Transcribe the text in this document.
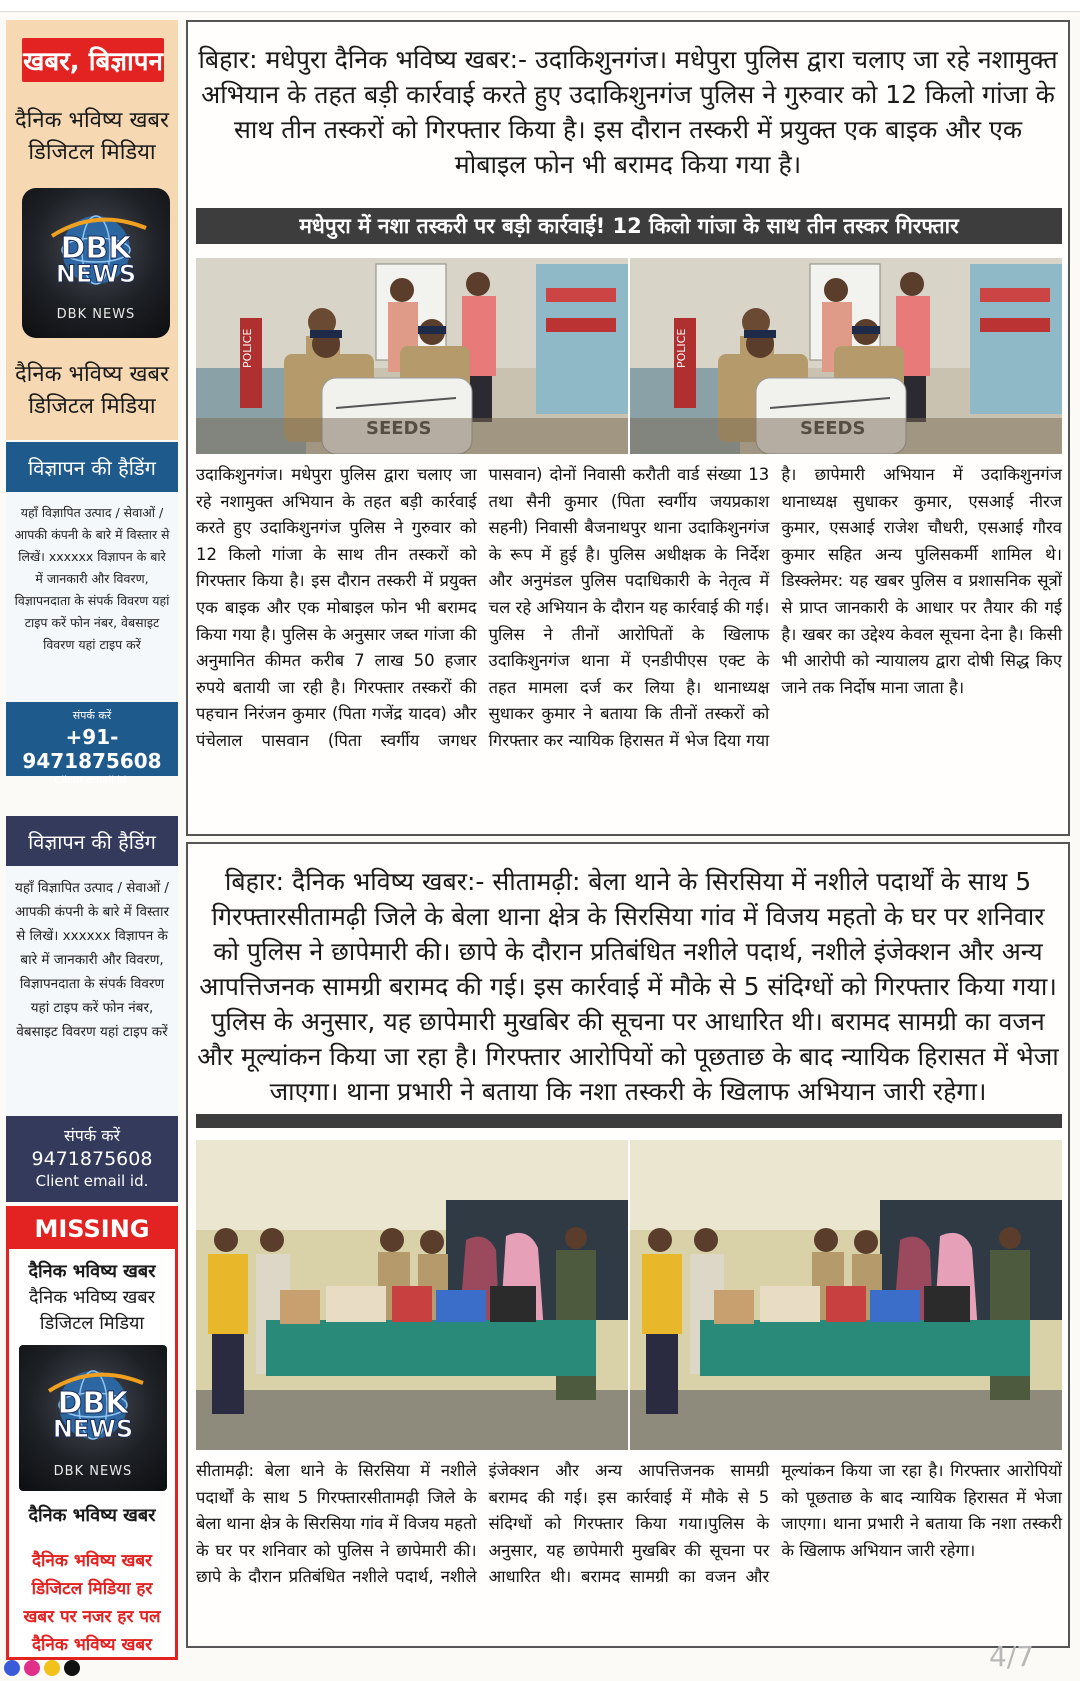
खबर, बिज्ञापन
दैनिक भविष्य खबर
डिजिटल मिडिया
DBK
NEWS
DBK NEWS
दैनिक भविष्य खबर
डिजिटल मिडिया
विज्ञापन की हैडिंग
यहाँ विज्ञापित उत्पाद / सेवाओं / आपकी कंपनी के बारे में विस्तार से लिखें। xxxxxx विज्ञापन के बारे में जानकारी और विवरण, विज्ञापनदाता के संपर्क विवरण यहां टाइप करें फोन नंबर, वेबसाइट विवरण यहां टाइप करें
संपर्क करें
+91-9471875608
Client email id.
विज्ञापन की हैडिंग
यहाँ विज्ञापित उत्पाद / सेवाओं / आपकी कंपनी के बारे में विस्तार से लिखें। xxxxxx विज्ञापन के बारे में जानकारी और विवरण, विज्ञापनदाता के संपर्क विवरण यहां टाइप करें फोन नंबर, वेबसाइट विवरण यहां टाइप करें
संपर्क करें
9471875608
Client email id.
MISSING
दैनिक भविष्य खबर
दैनिक भविष्य खबर
डिजिटल मिडिया
DBK
NEWS
DBK NEWS
दैनिक भविष्य खबर
दैनिक भविष्य खबर
डिजिटल मिडिया हर
खबर पर नजर हर पल
दैनिक भविष्य खबर
बिहार: मधेपुरा दैनिक भविष्य खबर:- उदाकिशुनगंज। मधेपुरा पुलिस द्वारा चलाए जा रहे नशामुक्त अभियान के तहत बड़ी कार्रवाई करते हुए उदाकिशुनगंज पुलिस ने गुरुवार को 12 किलो गांजा के साथ तीन तस्करों को गिरफ्तार किया है। इस दौरान तस्करी में प्रयुक्त एक बाइक और एक मोबाइल फोन भी बरामद किया गया है।
मधेपुरा में नशा तस्करी पर बड़ी कार्रवाई! 12 किलो गांजा के साथ तीन तस्कर गिरफ्तार
POLICE	POLICE
उदाकिशुनगंज। मधेपुरा पुलिस द्वारा चलाए जा रहे नशामुक्त अभियान के तहत बड़ी कार्रवाई करते हुए उदाकिशुनगंज पुलिस ने गुरुवार को 12 किलो गांजा के साथ तीन तस्करों को गिरफ्तार किया है। इस दौरान तस्करी में प्रयुक्त एक बाइक और एक मोबाइल फोन भी बरामद किया गया है। पुलिस के अनुसार जब्त गांजा की अनुमानित कीमत करीब 7 लाख 50 हजार रुपये बतायी जा रही है। गिरफ्तार तस्करों की पहचान निरंजन कुमार (पिता गजेंद्र यादव) और पंचेलाल पासवान (पिता स्वर्गीय जगधर पासवान) दोनों निवासी करौती वार्ड संख्या 13 तथा सैनी कुमार (पिता स्वर्गीय जयप्रकाश सहनी) निवासी बैजनाथपुर थाना उदाकिशुनगंज के रूप में हुई है। पुलिस अधीक्षक के निर्देश और अनुमंडल पुलिस पदाधिकारी के नेतृत्व में चल रहे अभियान के दौरान यह कार्रवाई की गई। पुलिस ने तीनों आरोपितों के खिलाफ उदाकिशुनगंज थाना में एनडीपीएस एक्ट के तहत मामला दर्ज कर लिया है। थानाध्यक्ष सुधाकर कुमार ने बताया कि तीनों तस्करों को गिरफ्तार कर न्यायिक हिरासत में भेज दिया गया है। छापेमारी अभियान में उदाकिशुनगंज थानाध्यक्ष सुधाकर कुमार, एसआई नीरज कुमार, एसआई राजेश चौधरी, एसआई गौरव कुमार सहित अन्य पुलिसकर्मी शामिल थे। डिस्क्लेमर: यह खबर पुलिस व प्रशासनिक सूत्रों से प्राप्त जानकारी के आधार पर तैयार की गई है। खबर का उद्देश्य केवल सूचना देना है। किसी भी आरोपी को न्यायालय द्वारा दोषी सिद्ध किए जाने तक निर्दोष माना जाता है।
बिहार: दैनिक भविष्य खबर:- सीतामढ़ी: बेला थाने के सिरसिया में नशीले पदार्थों के साथ 5 गिरफ्तारसीतामढ़ी जिले के बेला थाना क्षेत्र के सिरसिया गांव में विजय महतो के घर पर शनिवार को पुलिस ने छापेमारी की। छापे के दौरान प्रतिबंधित नशीले पदार्थ, नशीले इंजेक्शन और अन्य आपत्तिजनक सामग्री बरामद की गई। इस कार्रवाई में मौके से 5 संदिग्धों को गिरफ्तार किया गया।पुलिस के अनुसार, यह छापेमारी मुखबिर की सूचना पर आधारित थी। बरामद सामग्री का वजन और मूल्यांकन किया जा रहा है। गिरफ्तार आरोपियों को पूछताछ के बाद न्यायिक हिरासत में भेजा जाएगा। थाना प्रभारी ने बताया कि नशा तस्करी के खिलाफ अभियान जारी रहेगा।
सीतामढ़ी: बेला थाने के सिरसिया में नशीले पदार्थों के साथ 5 गिरफ्तारसीतामढ़ी जिले के बेला थाना क्षेत्र के सिरसिया गांव में विजय महतो के घर पर शनिवार को पुलिस ने छापेमारी की। छापे के दौरान प्रतिबंधित नशीले पदार्थ, नशीले इंजेक्शन और अन्य आपत्तिजनक सामग्री बरामद की गई। इस कार्रवाई में मौके से 5 संदिग्धों को गिरफ्तार किया गया।पुलिस के अनुसार, यह छापेमारी मुखबिर की सूचना पर आधारित थी। बरामद सामग्री का वजन और मूल्यांकन किया जा रहा है। गिरफ्तार आरोपियों को पूछताछ के बाद न्यायिक हिरासत में भेजा जाएगा। थाना प्रभारी ने बताया कि नशा तस्करी के खिलाफ अभियान जारी रहेगा।
4/7
